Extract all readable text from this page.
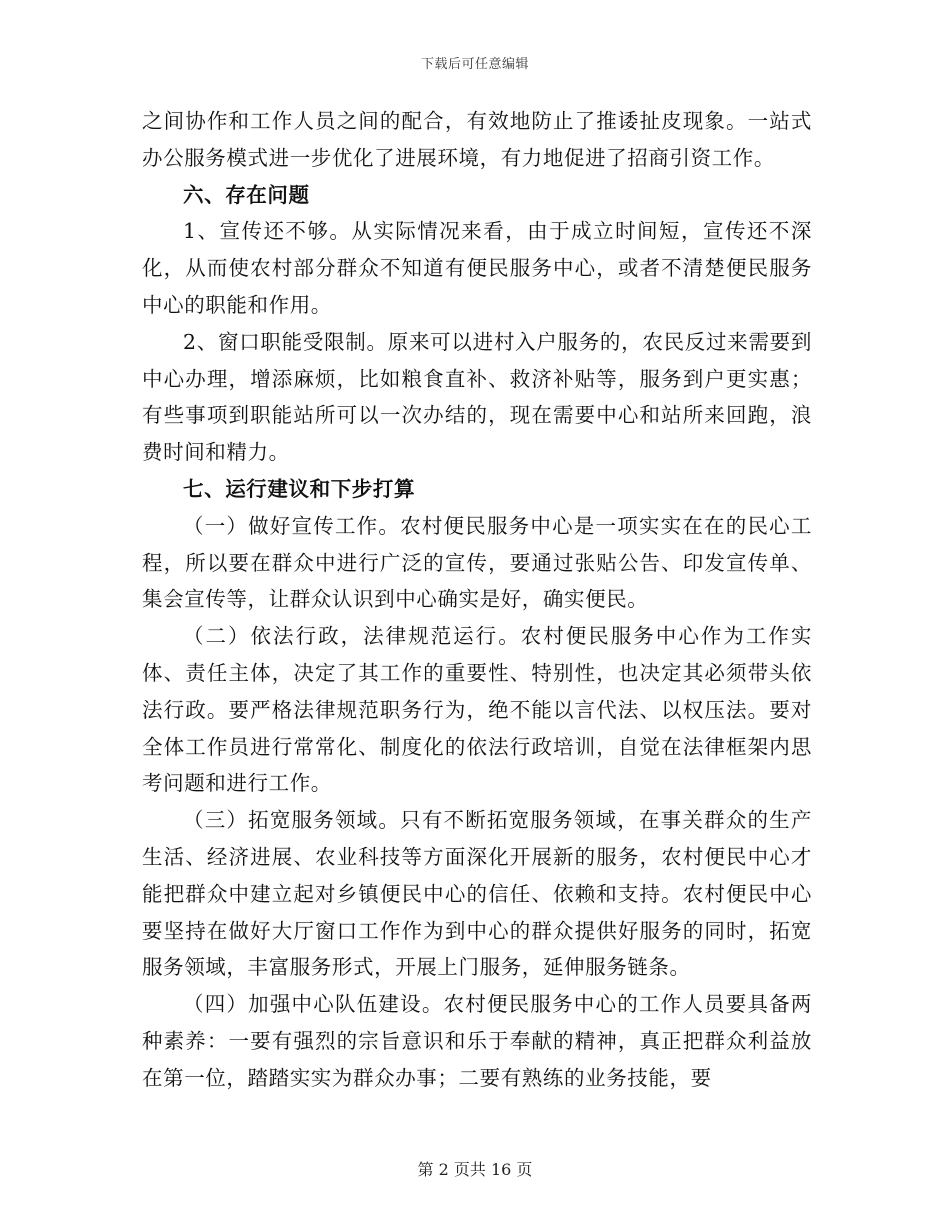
下载后可任意编辑

之间协作和工作人员之间的配合，有效地防止了推诿扯皮现象。一站式办公服务模式进一步优化了进展环境，有力地促进了招商引资工作。

六、存在问题

1、宣传还不够。从实际情况来看，由于成立时间短，宣传还不深化，从而使农村部分群众不知道有便民服务中心，或者不清楚便民服务中心的职能和作用。

2、窗口职能受限制。原来可以进村入户服务的，农民反过来需要到中心办理，增添麻烦，比如粮食直补、救济补贴等，服务到户更实惠；有些事项到职能站所可以一次办结的，现在需要中心和站所来回跑，浪费时间和精力。

七、运行建议和下步打算

（一）做好宣传工作。农村便民服务中心是一项实实在在的民心工程，所以要在群众中进行广泛的宣传，要通过张贴公告、印发宣传单、集会宣传等，让群众认识到中心确实是好，确实便民。

（二）依法行政，法律规范运行。农村便民服务中心作为工作实体、责任主体，决定了其工作的重要性、特别性，也决定其必须带头依法行政。要严格法律规范职务行为，绝不能以言代法、以权压法。要对全体工作员进行常常化、制度化的依法行政培训，自觉在法律框架内思考问题和进行工作。

（三）拓宽服务领域。只有不断拓宽服务领域，在事关群众的生产生活、经济进展、农业科技等方面深化开展新的服务，农村便民中心才能把群众中建立起对乡镇便民中心的信任、依赖和支持。农村便民中心要坚持在做好大厅窗口工作作为到中心的群众提供好服务的同时，拓宽服务领域，丰富服务形式，开展上门服务，延伸服务链条。

（四）加强中心队伍建设。农村便民服务中心的工作人员要具备两种素养：一要有强烈的宗旨意识和乐于奉献的精神，真正把群众利益放在第一位，踏踏实实为群众办事；二要有熟练的业务技能，要

第 2 页共 16 页
